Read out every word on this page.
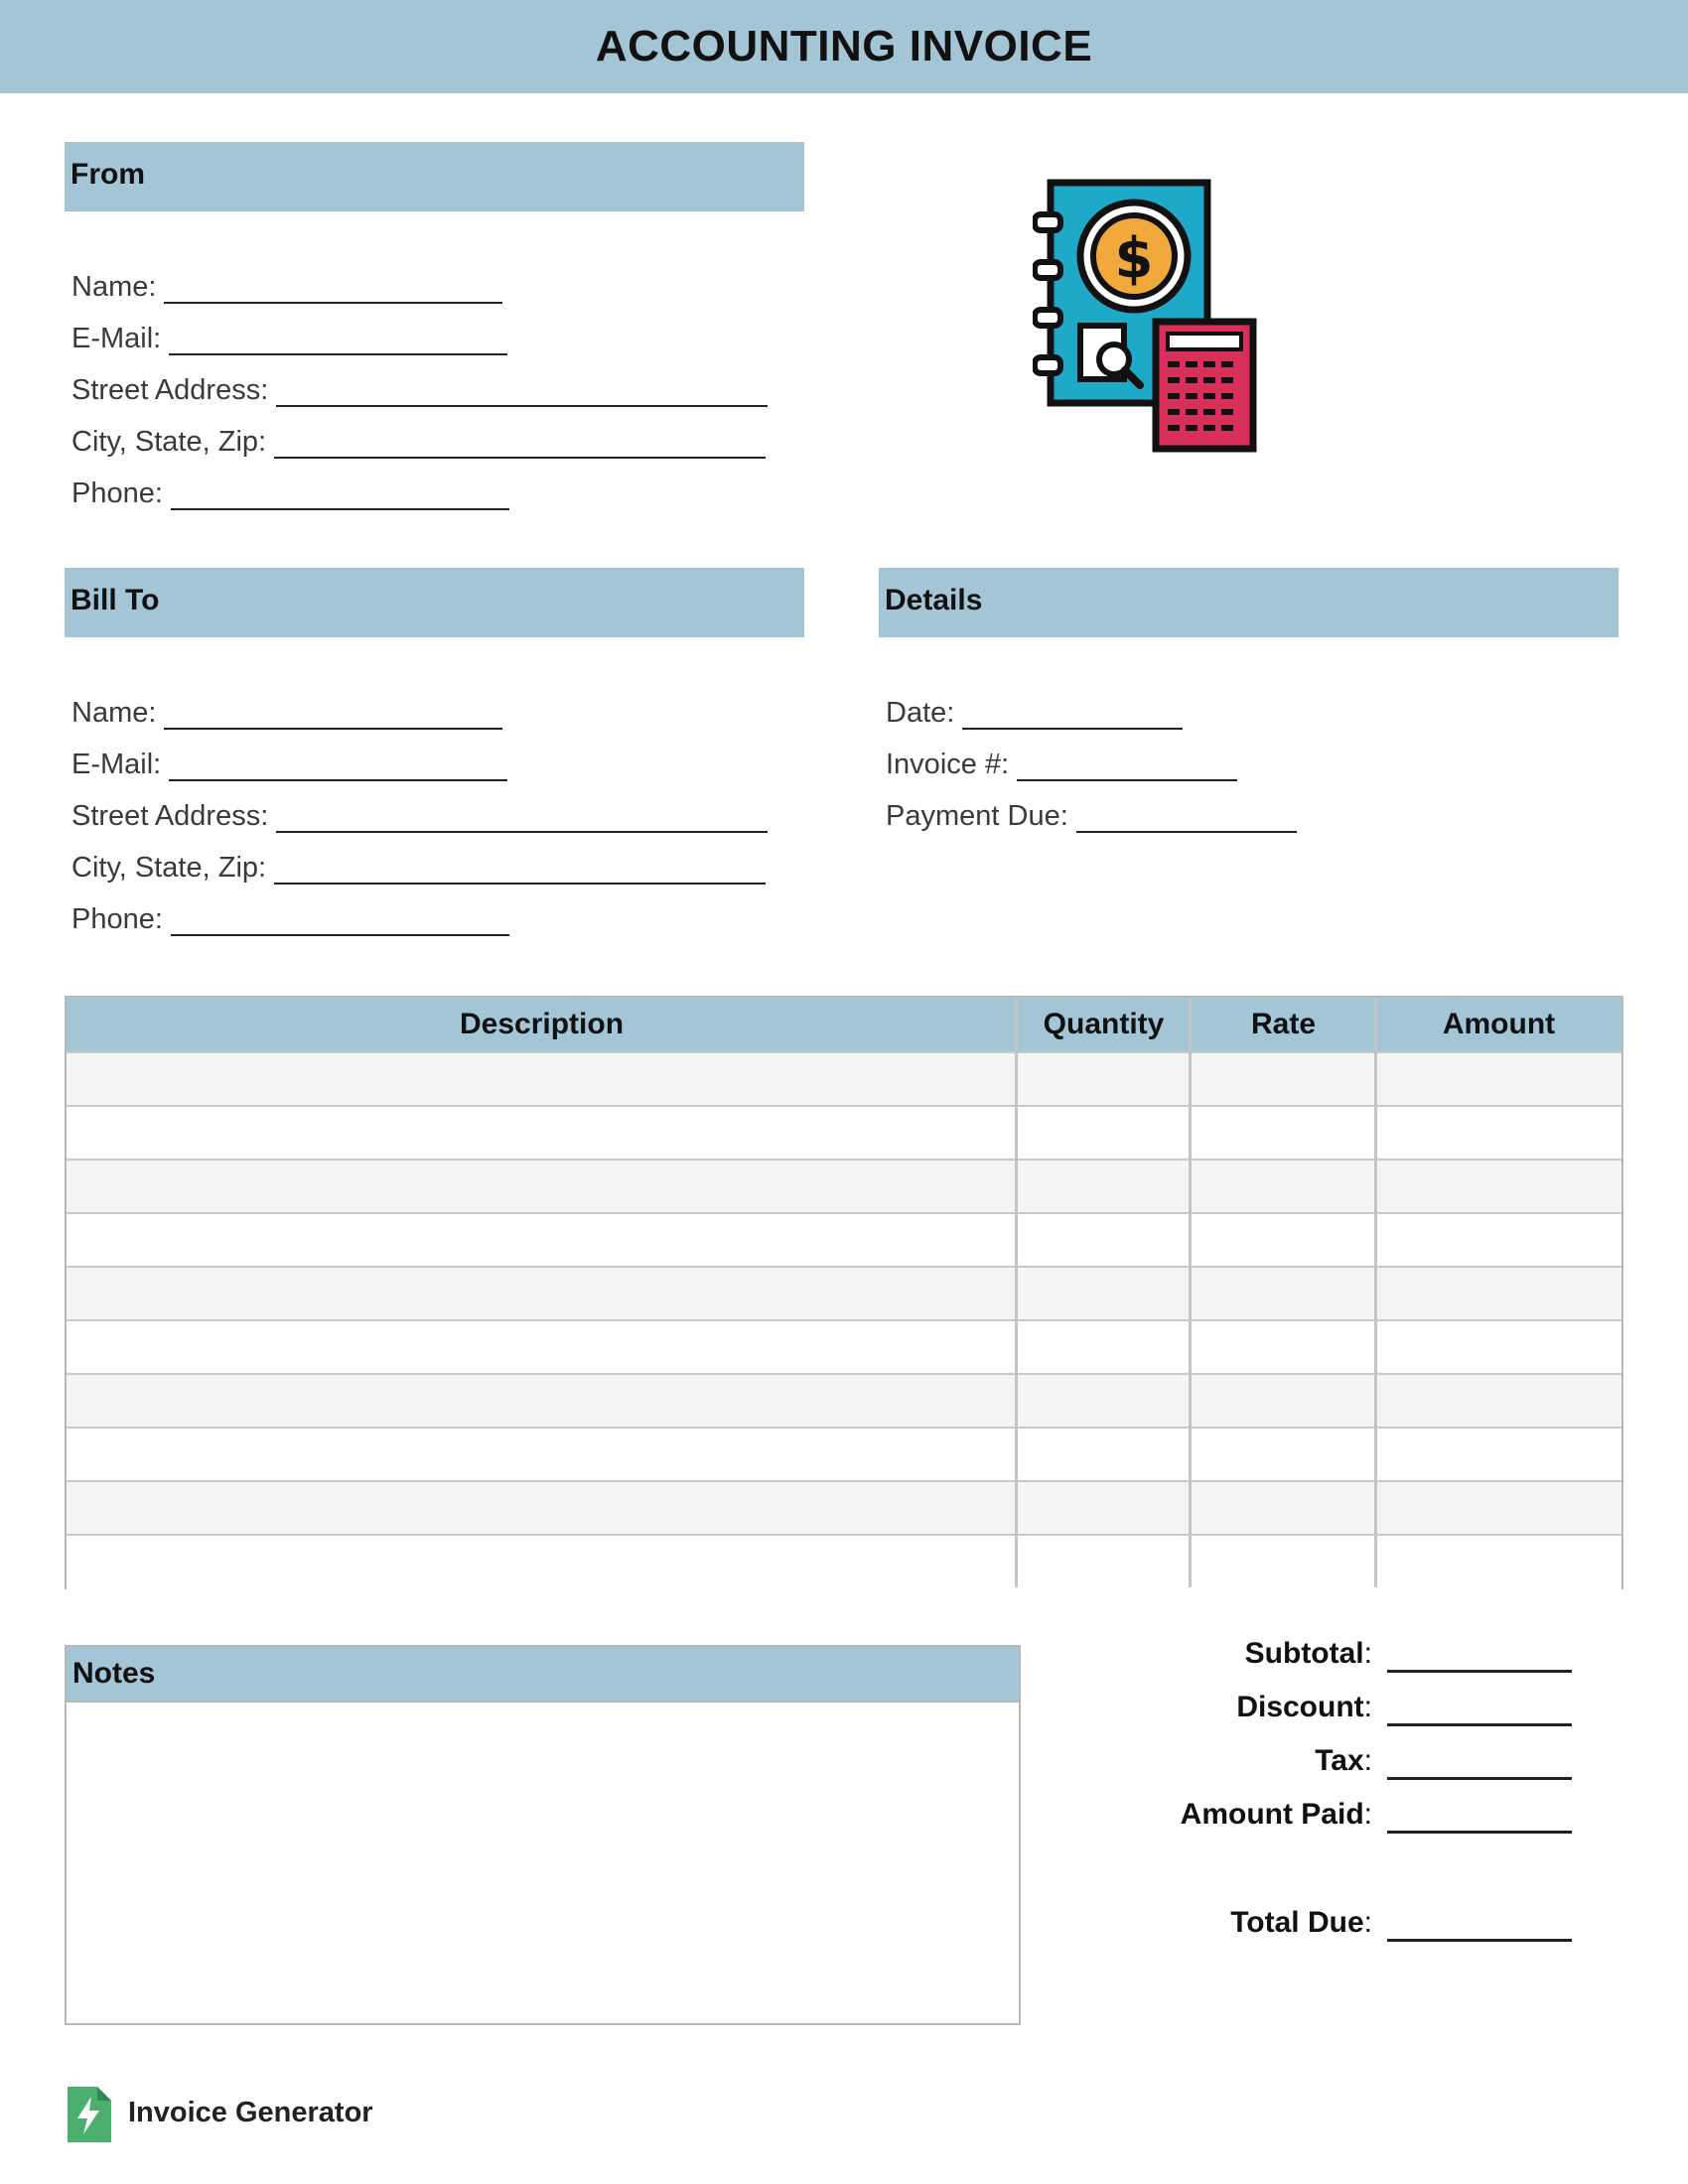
ACCOUNTING INVOICE
From
Name:
E-Mail:
Street Address:
City, State, Zip:
Phone:
$
Bill To
Name:
E-Mail:
Street Address:
City, State, Zip:
Phone:
Details
Date:
Invoice #:
Payment Due:
Description	Quantity	Rate	Amount
Notes
Subtotal:
Discount:
Tax:
Amount Paid:
Total Due:
Invoice Generator
